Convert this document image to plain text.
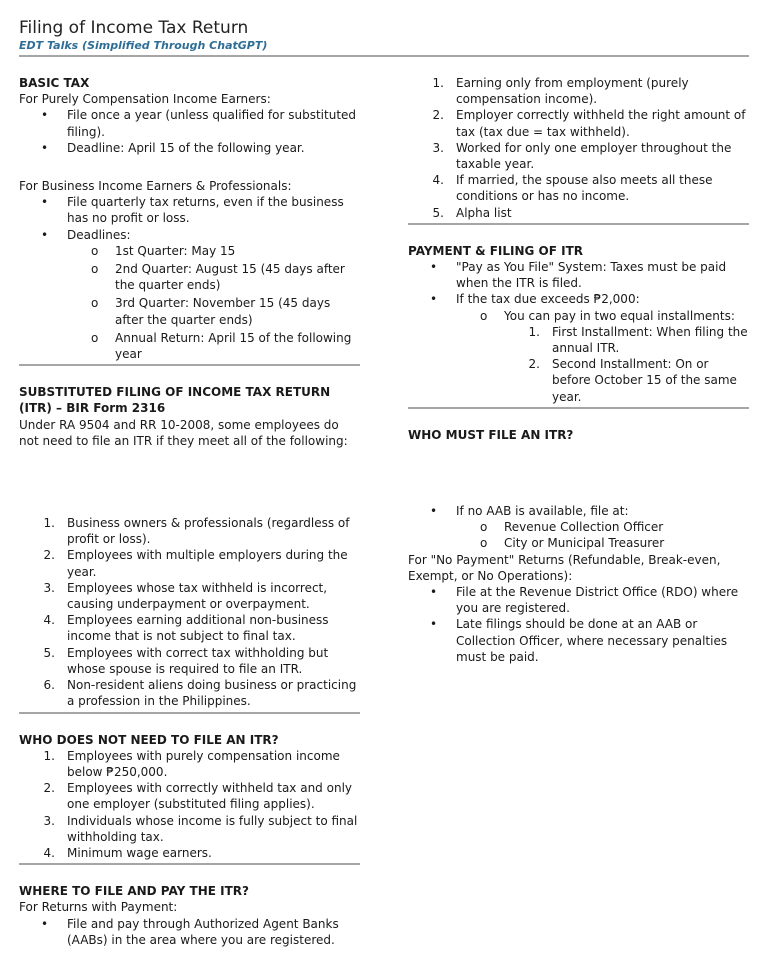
Filing of Income Tax Return
EDT Talks (Simplified Through ChatGPT)

BASIC TAX

For Purely Compensation Income Earners:

• File once a year (unless qualified for substituted filing).
• Deadline: April 15 of the following year.

For Business Income Earners & Professionals:

• File quarterly tax returns, even if the business has no profit or loss.
• Deadlines:
o 1st Quarter: May 15
o 2nd Quarter: August 15 (45 days after the quarter ends)
o 3rd Quarter: November 15 (45 days after the quarter ends)
o Annual Return: April 15 of the following year

SUBSTITUTED FILING OF INCOME TAX RETURN (ITR) – BIR Form 2316

Under RA 9504 and RR 10-2008, some employees do not need to file an ITR if they meet all of the following:

1. Business owners & professionals (regardless of profit or loss).
2. Employees with multiple employers during the year.
3. Employees whose tax withheld is incorrect, causing underpayment or overpayment.
4. Employees earning additional non-business income that is not subject to final tax.
5. Employees with correct tax withholding but whose spouse is required to file an ITR.
6. Non-resident aliens doing business or practicing a profession in the Philippines.

WHO DOES NOT NEED TO FILE AN ITR?

1. Employees with purely compensation income below ₱250,000.
2. Employees with correctly withheld tax and only one employer (substituted filing applies).
3. Individuals whose income is fully subject to final withholding tax.
4. Minimum wage earners.

WHERE TO FILE AND PAY THE ITR?

For Returns with Payment:

• File and pay through Authorized Agent Banks (AABs) in the area where you are registered.
1. Earning only from employment (purely compensation income).
2. Employer correctly withheld the right amount of tax (tax due = tax withheld).
3. Worked for only one employer throughout the taxable year.
4. If married, the spouse also meets all these conditions or has no income.
5. Alpha list

PAYMENT & FILING OF ITR

• "Pay as You File" System: Taxes must be paid when the ITR is filed.
• If the tax due exceeds ₱2,000:
o You can pay in two equal installments:
1. First Installment: When filing the annual ITR.
2. Second Installment: On or before October 15 of the same year.

WHO MUST FILE AN ITR?

• If no AAB is available, file at:
o Revenue Collection Officer
o City or Municipal Treasurer

For "No Payment" Returns (Refundable, Break-even, Exempt, or No Operations):

• File at the Revenue District Office (RDO) where you are registered.
• Late filings should be done at an AAB or Collection Officer, where necessary penalties must be paid.
